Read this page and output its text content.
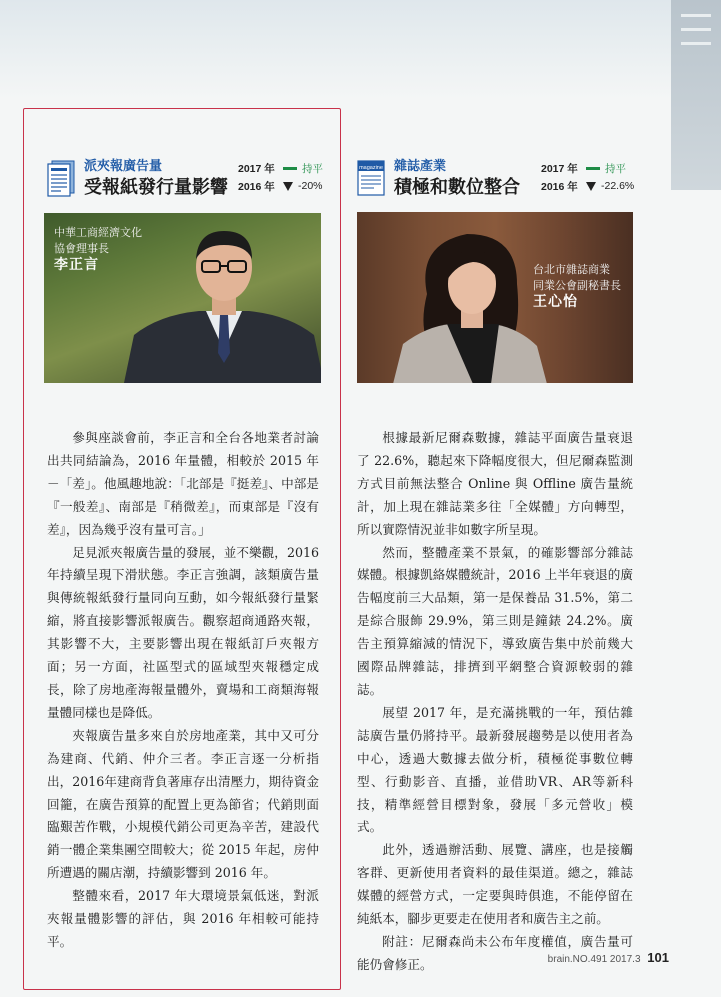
派夾報廣告量
受報紙發行量影響
2017 年	持平
2016 年	-20%
magazine 雜誌產業
積極和數位整合
2017 年	持平
2016 年	-22.6%
中華工商經濟文化
協會理事長
李正言	台北市雜誌商業
同業公會副秘書長
王心怡

參與座談會前，李正言和全台各地業者討論出共同結論為，2016 年量體，相較於 2015 年－「差」。他風趣地說：「北部是『挺差』、中部是『一般差』、南部是『稍微差』，而東部是『沒有差』，因為幾乎沒有量可言。」

足見派夾報廣告量的發展，並不樂觀，2016 年持續呈現下滑狀態。李正言強調，該類廣告量與傳統報紙發行量同向互動，如今報紙發行量緊縮，將直接影響派報廣告。觀察超商通路夾報，其影響不大，主要影響出現在報紙訂戶夾報方面；另一方面，社區型式的區域型夾報穩定成長，除了房地產海報量體外，賣場和工商類海報量體同樣也是降低。

夾報廣告量多來自於房地產業，其中又可分為建商、代銷、仲介三者。李正言逐一分析指出，2016年建商背負著庫存出清壓力，期待資金回籠，在廣告預算的配置上更為節省；代銷則面臨艱苦作戰，小規模代銷公司更為辛苦，建設代銷一體企業集團空間較大；從 2015 年起，房仲所遭遇的關店潮，持續影響到 2016 年。

整體來看，2017 年大環境景氣低迷，對派夾報量體影響的評估，與 2016 年相較可能持平。

根據最新尼爾森數據，雜誌平面廣告量衰退了 22.6%，聽起來下降幅度很大，但尼爾森監測方式目前無法整合 Online 與 Offline 廣告量統計，加上現在雜誌業多往「全媒體」方向轉型，所以實際情況並非如數字所呈現。

然而，整體產業不景氣，的確影響部分雜誌媒體。根據凱絡媒體統計，2016 上半年衰退的廣告幅度前三大品類，第一是保養品 31.5%，第二是綜合服飾 29.9%，第三則是鐘錶 24.2%。廣告主預算縮減的情況下，導致廣告集中於前幾大國際品牌雜誌，排擠到平網整合資源較弱的雜誌。

展望 2017 年，是充滿挑戰的一年，預估雜誌廣告量仍將持平。最新發展趨勢是以使用者為中心，透過大數據去做分析，積極從事數位轉型、行動影音、直播，並借助VR、AR等新科技，精準經營目標對象，發展「多元營收」模式。

此外，透過辦活動、展覽、講座，也是接觸客群、更新使用者資料的最佳渠道。總之，雜誌媒體的經營方式，一定要與時俱進，不能停留在純紙本，腳步更要走在使用者和廣告主之前。

附註：尼爾森尚未公布年度權值，廣告量可能仍會修正。	brain.NO.491 2017.3 101
